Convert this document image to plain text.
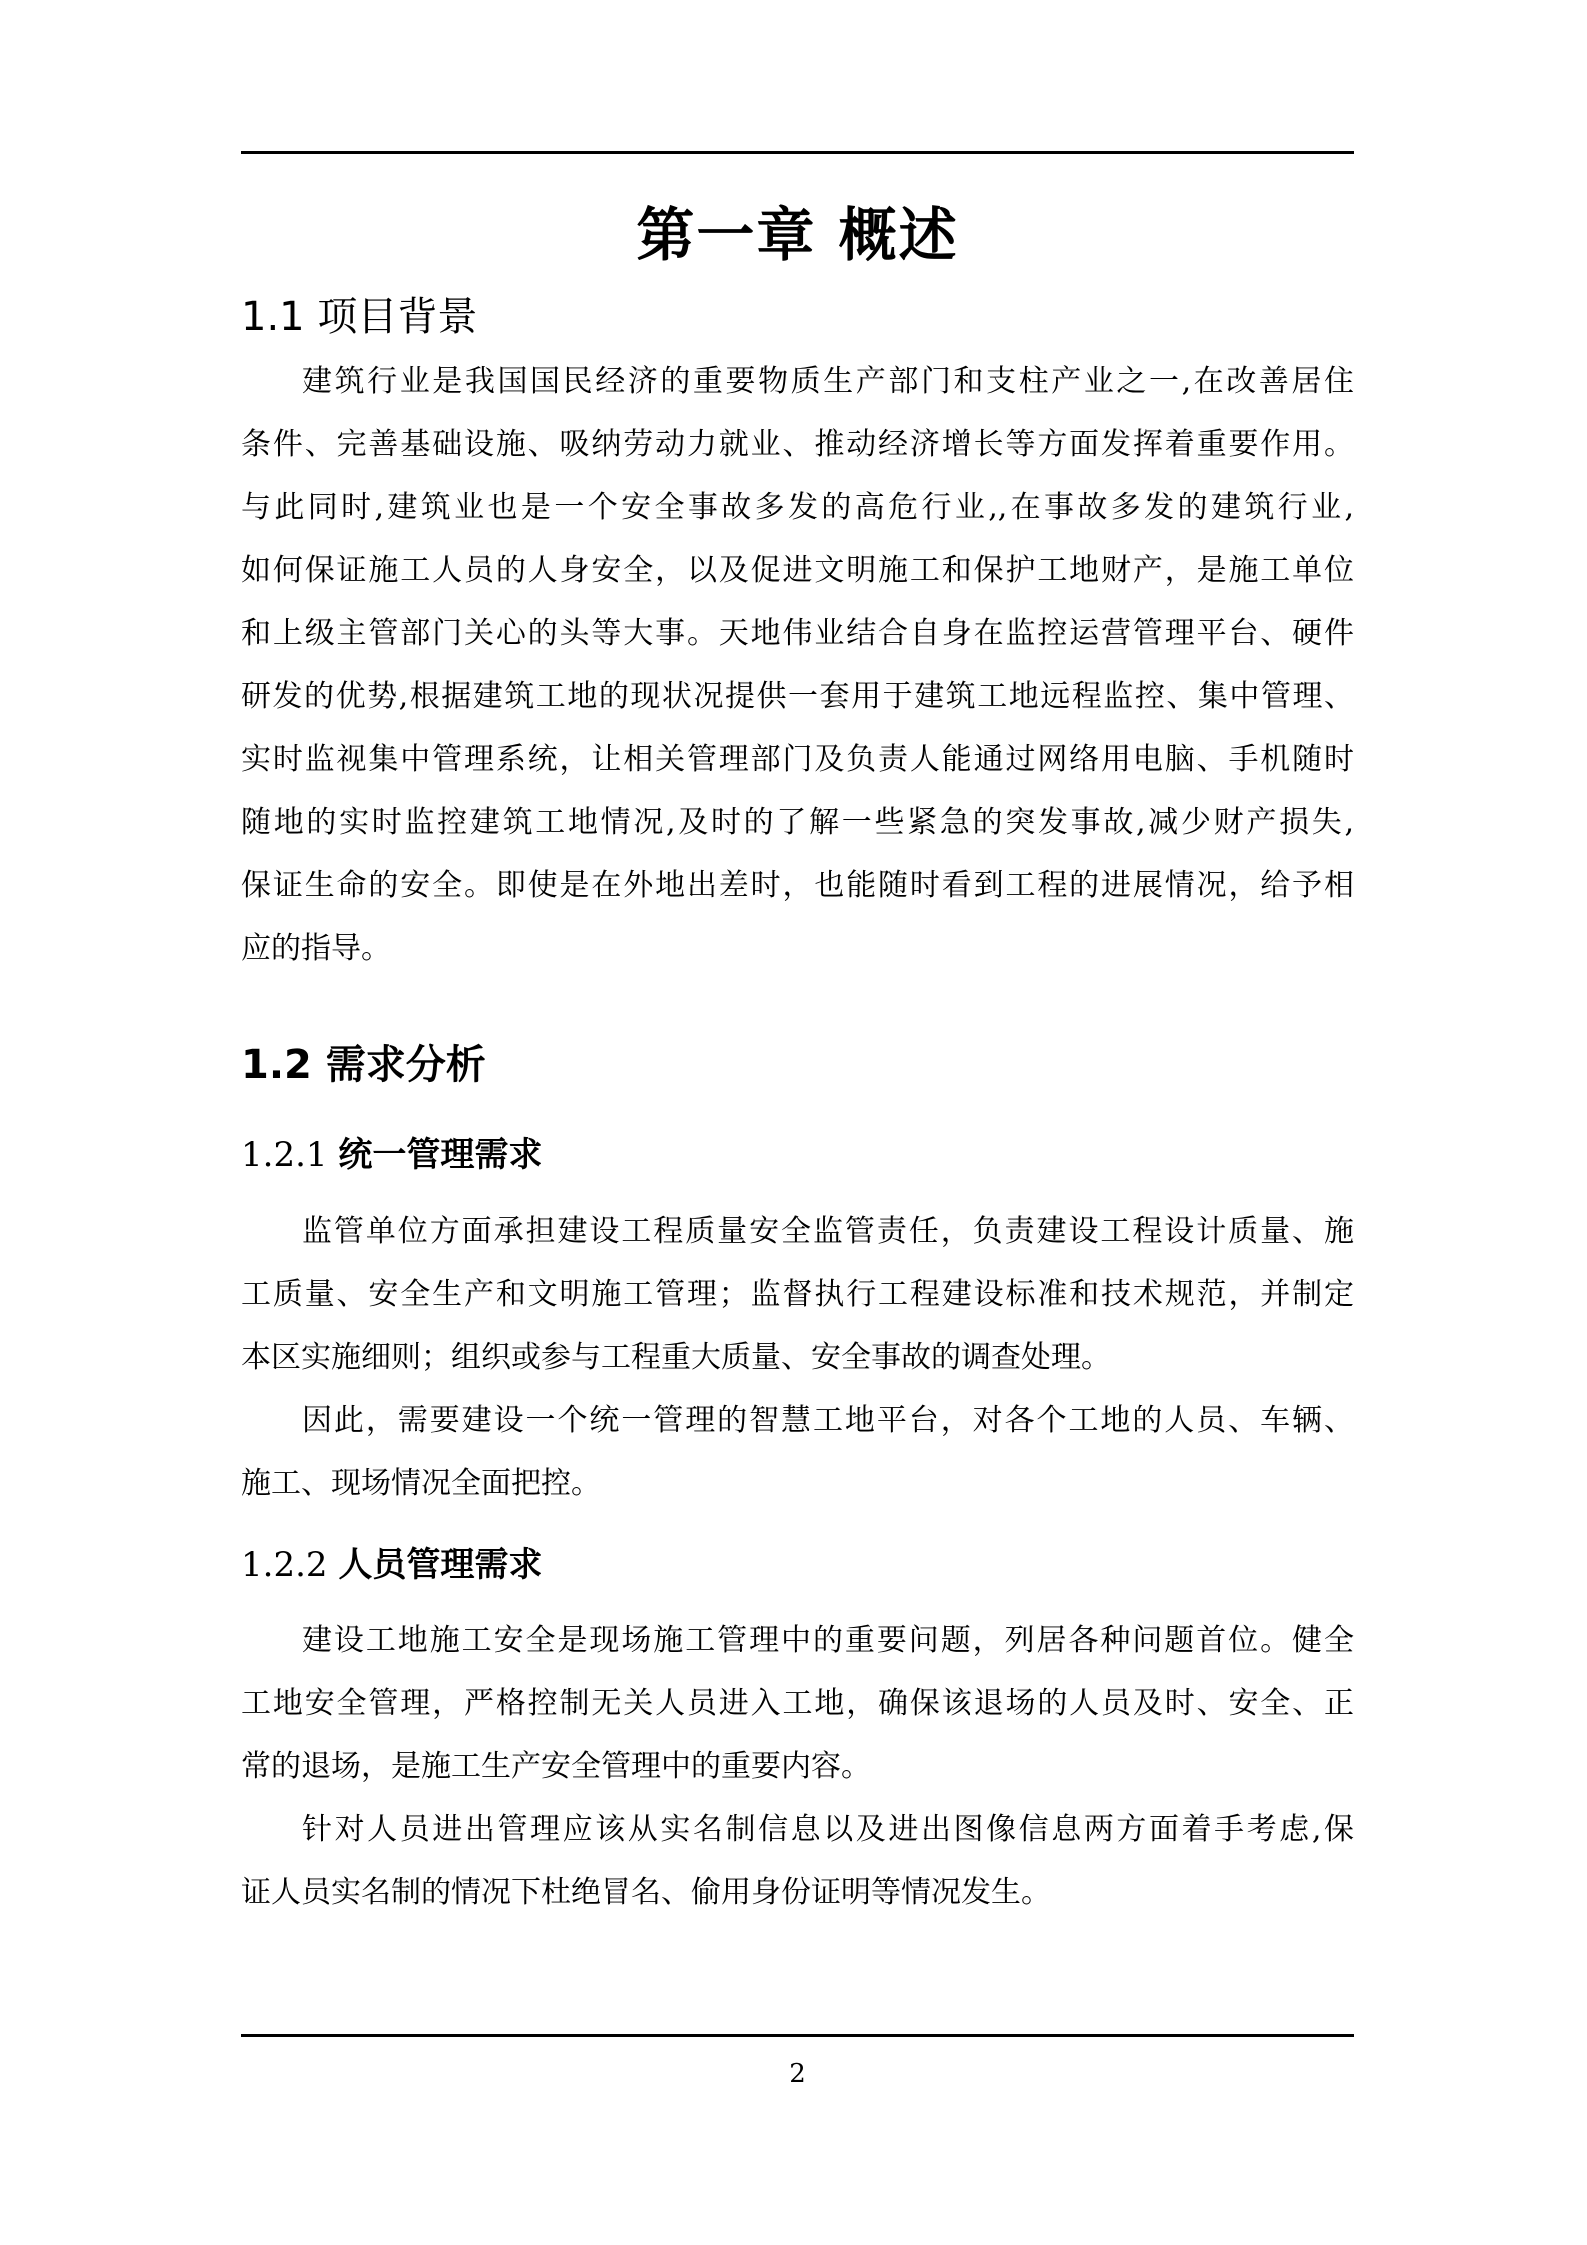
第一章 概述
1.1 项目背景
建筑行业是我国国民经济的重要物质生产部门和支柱产业之一,在改善居住
条件、完善基础设施、吸纳劳动力就业、推动经济增长等方面发挥着重要作用。
与此同时,建筑业也是一个安全事故多发的高危行业,,在事故多发的建筑行业,
如何保证施工人员的人身安全，以及促进文明施工和保护工地财产，是施工单位
和上级主管部门关心的头等大事。天地伟业结合自身在监控运营管理平台、硬件
研发的优势,根据建筑工地的现状况提供一套用于建筑工地远程监控、集中管理、
实时监视集中管理系统，让相关管理部门及负责人能通过网络用电脑、手机随时
随地的实时监控建筑工地情况,及时的了解一些紧急的突发事故,减少财产损失,
保证生命的安全。即使是在外地出差时，也能随时看到工程的进展情况，给予相
应的指导。
1.2 需求分析
1.2.1 统一管理需求
监管单位方面承担建设工程质量安全监管责任，负责建设工程设计质量、施
工质量、安全生产和文明施工管理；监督执行工程建设标准和技术规范，并制定
本区实施细则；组织或参与工程重大质量、安全事故的调查处理。
因此，需要建设一个统一管理的智慧工地平台，对各个工地的人员、车辆、
施工、现场情况全面把控。
1.2.2 人员管理需求
建设工地施工安全是现场施工管理中的重要问题，列居各种问题首位。健全
工地安全管理，严格控制无关人员进入工地，确保该退场的人员及时、安全、正
常的退场，是施工生产安全管理中的重要内容。
针对人员进出管理应该从实名制信息以及进出图像信息两方面着手考虑,保
证人员实名制的情况下杜绝冒名、偷用身份证明等情况发生。
2
